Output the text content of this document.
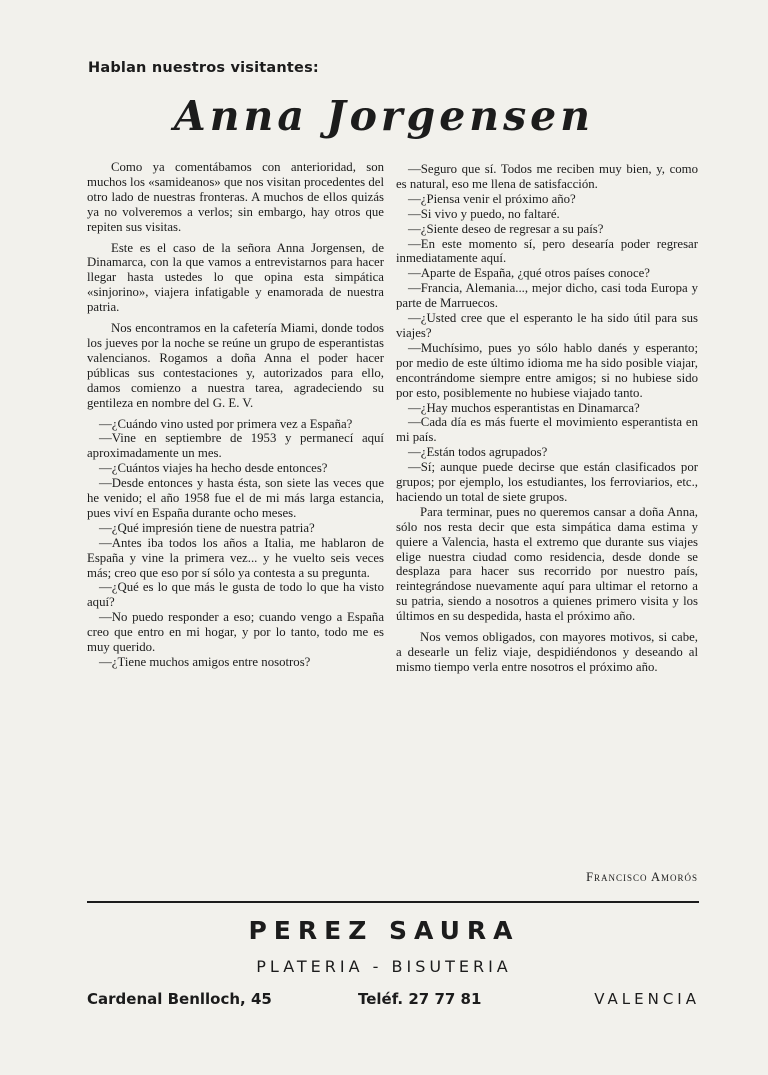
Hablan nuestros visitantes:
Anna Jorgensen

Como ya comentábamos con anterioridad, son muchos los «samideanos» que nos visitan procedentes del otro lado de nuestras fronteras. A muchos de ellos quizás ya no volveremos a verlos; sin embargo, hay otros que repiten sus visitas.

Este es el caso de la señora Anna Jorgensen, de Dinamarca, con la que vamos a entrevistarnos para hacer llegar hasta ustedes lo que opina esta simpática «sinjorino», viajera infatigable y enamorada de nuestra patria.

Nos encontramos en la cafetería Miami, donde todos los jueves por la noche se reúne un grupo de esperantistas valencianos. Rogamos a doña Anna el poder hacer públicas sus contestaciones y, autorizados para ello, damos comienzo a nuestra tarea, agradeciendo su gentileza en nombre del G. E. V.

—¿Cuándo vino usted por primera vez a España?

—Vine en septiembre de 1953 y permanecí aquí aproximadamente un mes.

—¿Cuántos viajes ha hecho desde entonces?

—Desde entonces y hasta ésta, son siete las veces que he venido; el año 1958 fue el de mi más larga estancia, pues viví en España durante ocho meses.

—¿Qué impresión tiene de nuestra patria?

—Antes iba todos los años a Italia, me hablaron de España y vine la primera vez... y he vuelto seis veces más; creo que eso por sí sólo ya contesta a su pregunta.

—¿Qué es lo que más le gusta de todo lo que ha visto aquí?

—No puedo responder a eso; cuando vengo a España creo que entro en mi hogar, y por lo tanto, todo me es muy querido.

—¿Tiene muchos amigos entre nosotros?

—Seguro que sí. Todos me reciben muy bien, y, como es natural, eso me llena de satisfacción.

—¿Piensa venir el próximo año?

—Si vivo y puedo, no faltaré.

—¿Siente deseo de regresar a su país?

—En este momento sí, pero desearía poder regresar inmediatamente aquí.

—Aparte de España, ¿qué otros países conoce?

—Francia, Alemania..., mejor dicho, casi toda Europa y parte de Marruecos.

—¿Usted cree que el esperanto le ha sido útil para sus viajes?

—Muchísimo, pues yo sólo hablo danés y esperanto; por medio de este último idioma me ha sido posible viajar, encontrándome siempre entre amigos; si no hubiese sido por esto, posiblemente no hubiese viajado tanto.

—¿Hay muchos esperantistas en Dinamarca?

—Cada día es más fuerte el movimiento esperantista en mi país.

—¿Están todos agrupados?

—Sí; aunque puede decirse que están clasificados por grupos; por ejemplo, los estudiantes, los ferroviarios, etc., haciendo un total de siete grupos.

Para terminar, pues no queremos cansar a doña Anna, sólo nos resta decir que esta simpática dama estima y quiere a Valencia, hasta el extremo que durante sus viajes elige nuestra ciudad como residencia, desde donde se desplaza para hacer sus recorrido por nuestro país, reintegrándose nuevamente aquí para ultimar el retorno a su patria, siendo a nosotros a quienes primero visita y los últimos en su despedida, hasta el próximo año.

Nos vemos obligados, con mayores motivos, si cabe, a desearle un feliz viaje, despidiéndonos y deseando al mismo tiempo verla entre nosotros el próximo año.

Francisco Amorós
PEREZ SAURA
PLATERIA - BISUTERIA
Cardenal Benlloch, 45	Teléf. 27 77 81	VALENCIA
